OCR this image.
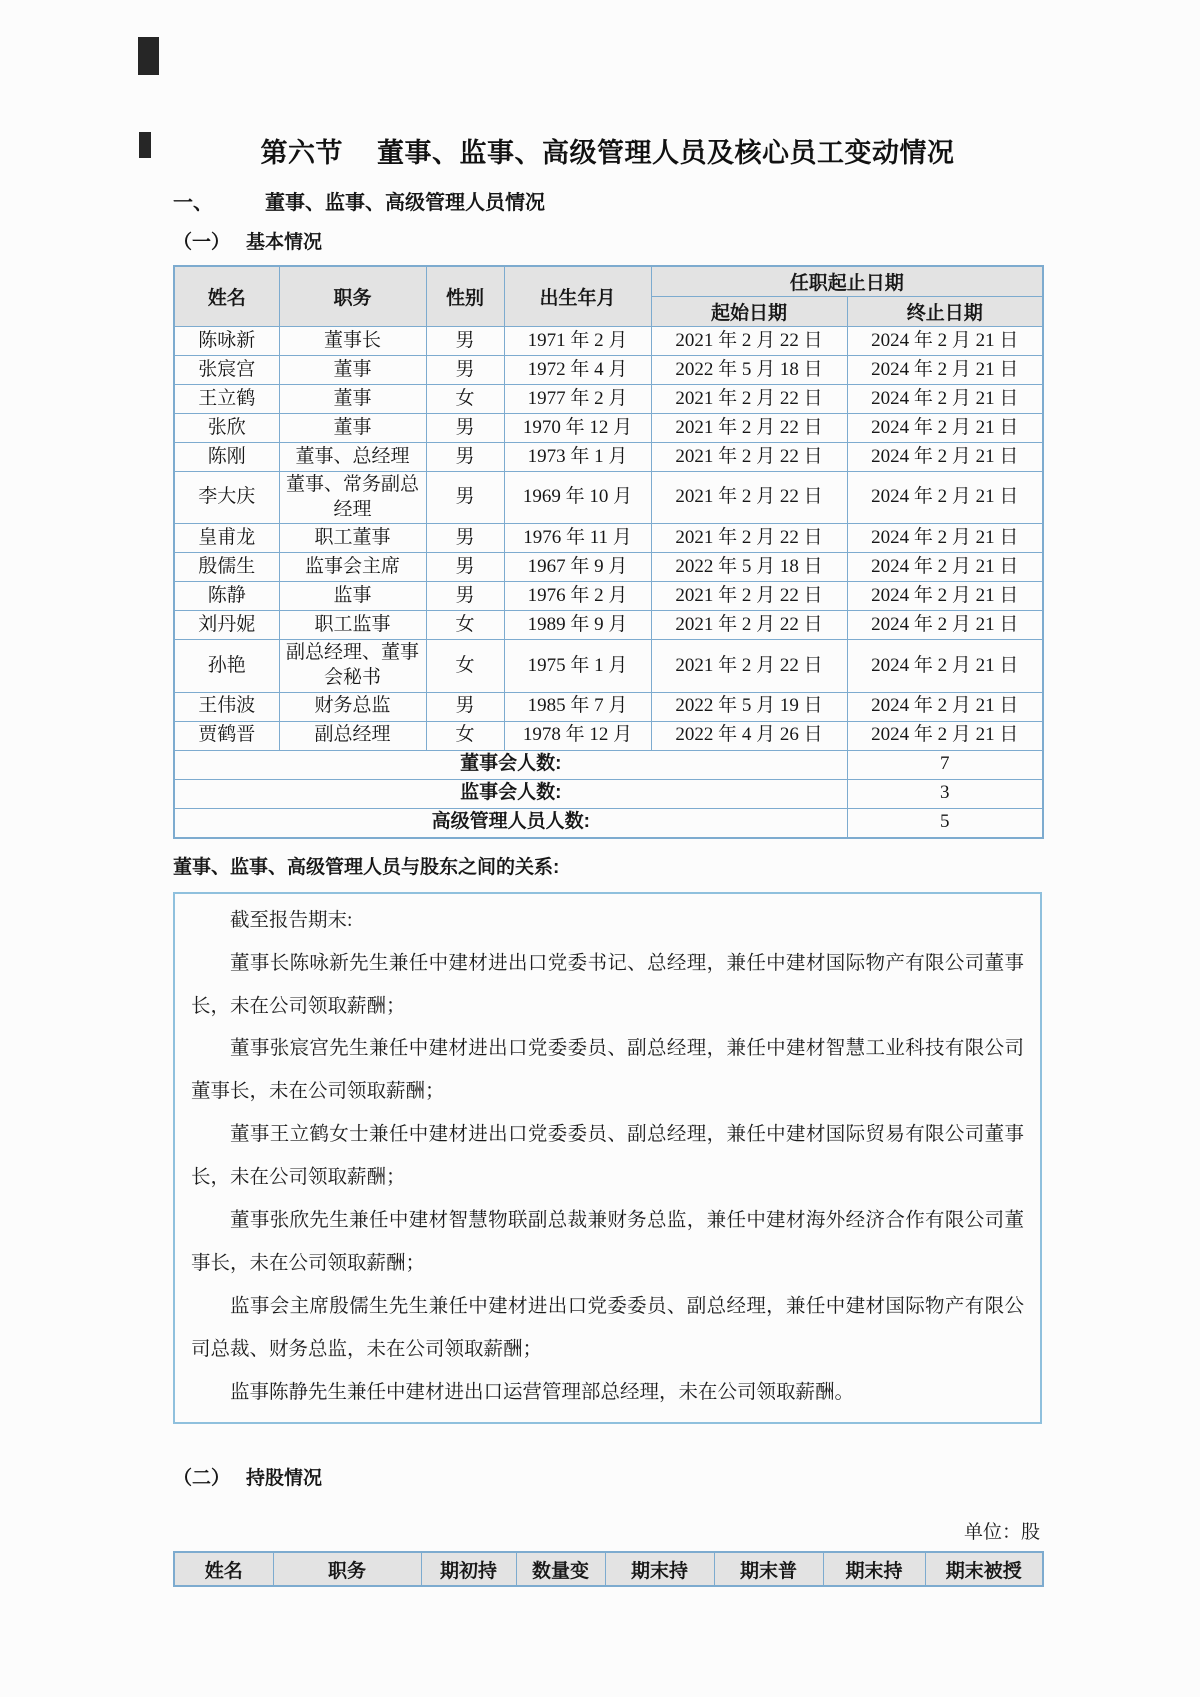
第六节 董事、监事、高级管理人员及核心员工变动情况
一、	董事、监事、高级管理人员情况
（一） 基本情况
姓名	职务	性别	出生年月	任职起止日期	
				起始日期	终止日期
陈咏新	董事长	男	1971 年 2 月	2021 年 2 月 22 日	2024 年 2 月 21 日
张宸宫	董事	男	1972 年 4 月	2022 年 5 月 18 日	2024 年 2 月 21 日
王立鹤	董事	女	1977 年 2 月	2021 年 2 月 22 日	2024 年 2 月 21 日
张欣	董事	男	1970 年 12 月	2021 年 2 月 22 日	2024 年 2 月 21 日
陈刚	董事、总经理	男	1973 年 1 月	2021 年 2 月 22 日	2024 年 2 月 21 日
李大庆	董事、常务副总经理	男	1969 年 10 月	2021 年 2 月 22 日	2024 年 2 月 21 日
皇甫龙	职工董事	男	1976 年 11 月	2021 年 2 月 22 日	2024 年 2 月 21 日
殷儒生	监事会主席	男	1967 年 9 月	2022 年 5 月 18 日	2024 年 2 月 21 日
陈静	监事	男	1976 年 2 月	2021 年 2 月 22 日	2024 年 2 月 21 日
刘丹妮	职工监事	女	1989 年 9 月	2021 年 2 月 22 日	2024 年 2 月 21 日
孙艳	副总经理、董事会秘书	女	1975 年 1 月	2021 年 2 月 22 日	2024 年 2 月 21 日
王伟波	财务总监	男	1985 年 7 月	2022 年 5 月 19 日	2024 年 2 月 21 日
贾鹤晋	副总经理	女	1978 年 12 月	2022 年 4 月 26 日	2024 年 2 月 21 日
董事会人数:					7
监事会人数:					3
高级管理人员人数:					5
董事、监事、高级管理人员与股东之间的关系:

截至报告期末:

董事长陈咏新先生兼任中建材进出口党委书记、总经理，兼任中建材国际物产有限公司董事长，未在公司领取薪酬；

董事张宸宫先生兼任中建材进出口党委委员、副总经理，兼任中建材智慧工业科技有限公司董事长，未在公司领取薪酬；

董事王立鹤女士兼任中建材进出口党委委员、副总经理，兼任中建材国际贸易有限公司董事长，未在公司领取薪酬；

董事张欣先生兼任中建材智慧物联副总裁兼财务总监，兼任中建材海外经济合作有限公司董事长，未在公司领取薪酬；

监事会主席殷儒生先生兼任中建材进出口党委委员、副总经理，兼任中建材国际物产有限公司总裁、财务总监，未在公司领取薪酬；

监事陈静先生兼任中建材进出口运营管理部总经理，未在公司领取薪酬。

（二） 持股情况
单位：股
姓名	职务	期初持	数量变	期末持	期末普	期末持	期末被授
